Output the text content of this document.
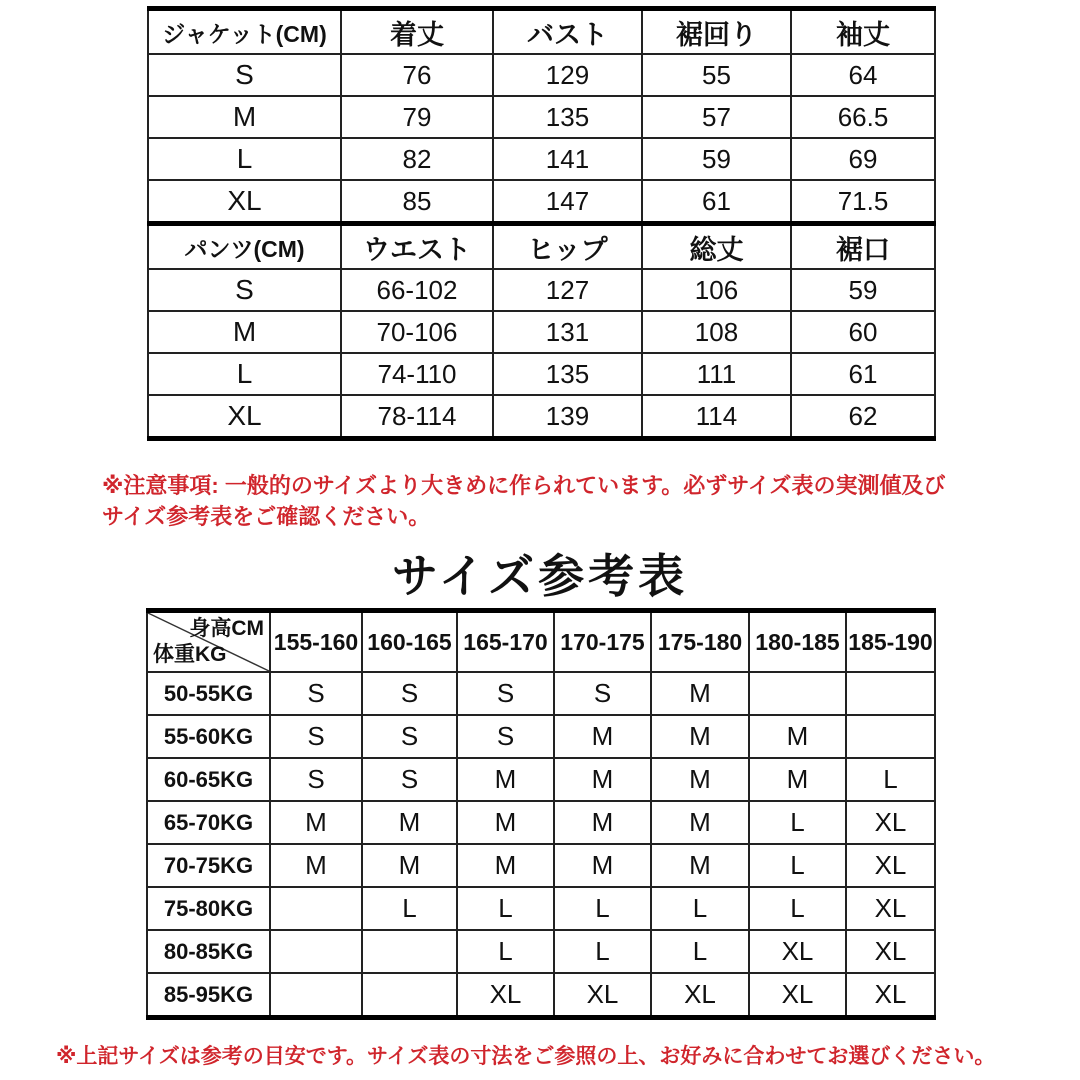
ジャケット(CM)	着丈	バスト	裾回り	袖丈
S	76	129	55	64
M	79	135	57	66.5
L	82	141	59	69
XL	85	147	61	71.5
パンツ(CM)	ウエスト	ヒップ	総丈	裾口
S	66-102	127	106	59
M	70-106	131	108	60
L	74-110	135	111	61
XL	78-114	139	114	62
※注意事項: 一般的のサイズより大きめに作られています。必ずサイズ表の実測値及び
サイズ参考表をご確認ください。
サイズ参考表
身高CM
体重KG	155-160	160-165	165-170	170-175	175-180	180-185	185-190
50-55KG	S	S	S	S	M		
55-60KG	S	S	S	M	M	M	
60-65KG	S	S	M	M	M	M	L
65-70KG	M	M	M	M	M	L	XL
70-75KG	M	M	M	M	M	L	XL
75-80KG		L	L	L	L	L	XL
80-85KG			L	L	L	XL	XL
85-95KG			XL	XL	XL	XL	XL
※上記サイズは参考の目安です。サイズ表の寸法をご参照の上、お好みに合わせてお選びください。
